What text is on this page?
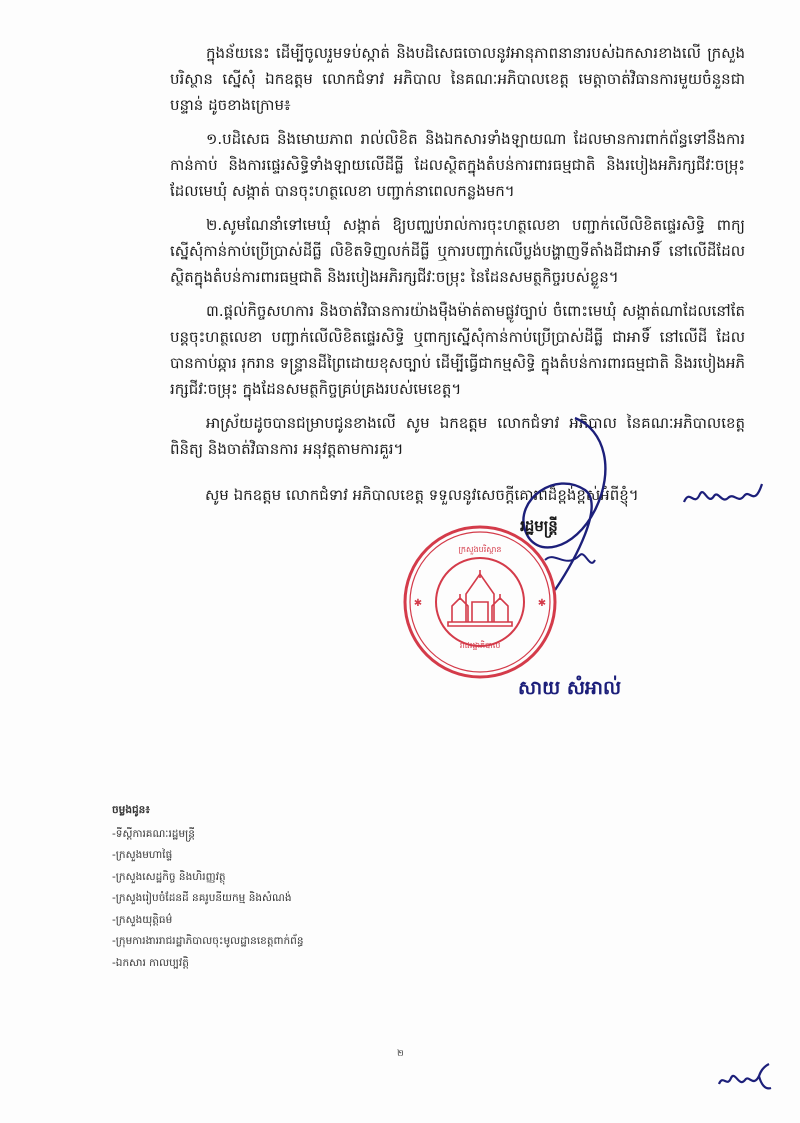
ក្នុងន័យនេះ ដើម្បីចូលរួមទប់ស្កាត់ និងបដិសេធចោលនូវអានុភាពនានារបស់ឯកសារខាងលើ ក្រសួងបរិស្ថាន ស្នើសុំ ឯកឧត្តម លោកជំទាវ អភិបាល នៃគណៈអភិបាលខេត្ត មេត្តាចាត់វិធានការមួយចំនួនជាបន្ទាន់ ដូចខាងក្រោម៖

១.បដិសេធ និងមោឃភាព រាល់លិខិត និងឯកសារទាំងឡាយណា ដែលមានការពាក់ព័ន្ធទៅនឹងការកាន់កាប់ និងការផ្ទេរសិទ្ធិទាំងឡាយលើដីធ្លី ដែលស្ថិតក្នុងតំបន់ការពារធម្មជាតិ និងរបៀងអភិរក្សជីវៈចម្រុះ ដែលមេឃុំ សង្កាត់ បានចុះហត្ថលេខា បញ្ជាក់នាពេលកន្លងមក។

២.សូមណែនាំទៅមេឃុំ សង្កាត់ ឱ្យបញ្ឈប់រាល់ការចុះហត្ថលេខា បញ្ជាក់លើលិខិតផ្ទេរសិទ្ធិ ពាក្យស្នើសុំកាន់កាប់ប្រើប្រាស់ដីធ្លី លិខិតទិញលក់ដីធ្លី ឬការបញ្ជាក់លើប្លង់បង្ហាញទីតាំងដីជាអាទិ៍ នៅលើដីដែលស្ថិតក្នុងតំបន់ការពារធម្មជាតិ និងរបៀងអភិរក្សជីវៈចម្រុះ នៃដែនសមត្ថកិច្ចរបស់ខ្លួន។

៣.ផ្តល់កិច្ចសហការ និងចាត់វិធានការយ៉ាងម៉ឺងម៉ាត់តាមផ្លូវច្បាប់ ចំពោះមេឃុំ សង្កាត់ណាដែលនៅតែបន្តចុះហត្ថលេខា បញ្ជាក់លើលិខិតផ្ទេរសិទ្ធិ ឬពាក្យស្នើសុំកាន់កាប់ប្រើប្រាស់ដីធ្លី ជាអាទិ៍ នៅលើដី ដែលបានកាប់ឆ្ការ រុករាន ទន្ទ្រានដីព្រៃដោយខុសច្បាប់ ដើម្បីធ្វើជាកម្មសិទ្ធិ ក្នុងតំបន់ការពារធម្មជាតិ និងរបៀងអភិរក្សជីវៈចម្រុះ ក្នុងដែនសមត្ថកិច្ចគ្រប់គ្រងរបស់មេខេត្ត។

អាស្រ័យដូចបានជម្រាបជូនខាងលើ សូម ឯកឧត្តម លោកជំទាវ អភិបាល នៃគណៈអភិបាលខេត្ត ពិនិត្យ និងចាត់វិធានការ អនុវត្តតាមការគួរ។

សូម ឯកឧត្តម លោកជំទាវ អភិបាលខេត្ត ទទួលនូវសេចក្តីគោរពដ៏ខ្ពង់ខ្ពស់អំពីខ្ញុំ។
រដ្ឋមន្ត្រី
រាជរដ្ឋាភិបាល
ក្រសួងបរិស្ថាន
✱	✱
សាយ សំអាល់
ចម្លងជូន៖
-ទីស្តីការគណៈរដ្ឋមន្ត្រី
-ក្រសួងមហាផ្ទៃ
-ក្រសួងសេដ្ឋកិច្ច និងហិរញ្ញវត្ថុ
-ក្រសួងរៀបចំដែនដី នគរូបនីយកម្ម និងសំណង់
-ក្រសួងយុត្តិធម៌
-ក្រុមការងាររាជរដ្ឋាភិបាលចុះមូលដ្ឋានខេត្តពាក់ព័ន្ធ
-ឯកសារ កាលប្បវត្តិ
២
